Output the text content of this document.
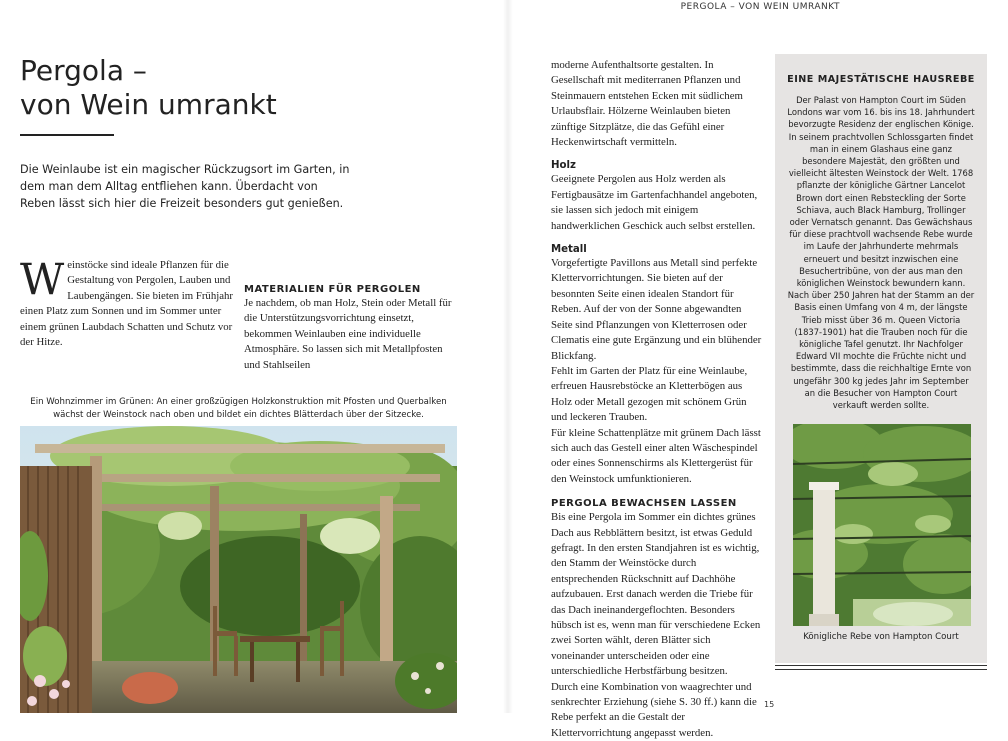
PERGOLA – VON WEIN UMRANKT
Pergola –
von Wein umrankt

Die Weinlaube ist ein magischer Rückzugsort im Garten, in dem man dem Alltag entfliehen kann. Überdacht von Reben lässt sich hier die Freizeit besonders gut genießen.

Weinstöcke sind ideale Pflanzen für die Gestaltung von Pergolen, Lauben und Laubengängen. Sie bieten im Frühjahr einen Platz zum Sonnen und im Sommer unter einem grünen Laubdach Schatten und Schutz vor der Hitze.

MATERIALIEN FÜR PERGOLEN

Je nachdem, ob man Holz, Stein oder Metall für die Unterstützungsvorrichtung einsetzt, bekommen Weinlauben eine individuelle Atmosphäre. So lassen sich mit Metallpfosten und Stahlseilen

Ein Wohnzimmer im Grünen: An einer großzügigen Holzkonstruktion mit Pfosten und Querbalken wächst der Weinstock nach oben und bildet ein dichtes Blätterdach über der Sitzecke.

moderne Aufenthaltsorte gestalten. In Gesellschaft mit mediterranen Pflanzen und Steinmauern entstehen Ecken mit südlichem Urlaubsflair. Hölzerne Weinlauben bieten zünftige Sitzplätze, die das Gefühl einer Heckenwirtschaft vermitteln.

Holz

Geeignete Pergolen aus Holz werden als Fertigbausätze im Gartenfachhandel angeboten, sie lassen sich jedoch mit einigem handwerklichen Geschick auch selbst erstellen.

Metall

Vorgefertigte Pavillons aus Metall sind perfekte Klettervorrichtungen. Sie bieten auf der besonnten Seite einen idealen Standort für Reben. Auf der von der Sonne abgewandten Seite sind Pflanzungen von Kletterrosen oder Clematis eine gute Ergänzung und ein blühender Blickfang.

Fehlt im Garten der Platz für eine Weinlaube, erfreuen Hausrebstöcke an Kletterbögen aus Holz oder Metall gezogen mit schönem Grün und leckeren Trauben.

Für kleine Schattenplätze mit grünem Dach lässt sich auch das Gestell einer alten Wäschespindel oder eines Sonnenschirms als Klettergerüst für den Weinstock umfunktionieren.

PERGOLA BEWACHSEN LASSEN

Bis eine Pergola im Sommer ein dichtes grünes Dach aus Rebblättern besitzt, ist etwas Geduld gefragt. In den ersten Standjahren ist es wichtig, den Stamm der Weinstöcke durch entsprechenden Rückschnitt auf Dachhöhe aufzubauen. Erst danach werden die Triebe für das Dach ineinandergeflochten. Besonders hübsch ist es, wenn man für verschiedene Ecken zwei Sorten wählt, deren Blätter sich voneinander unterscheiden oder eine unterschiedliche Herbstfärbung besitzen.

Durch eine Kombination von waagrechter und senkrechter Erziehung (siehe S. 30 ff.) kann die Rebe perfekt an die Gestalt der Klettervorrichtung angepasst werden.

EINE MAJESTÄTISCHE HAUSREBE

Der Palast von Hampton Court im Süden Londons war vom 16. bis ins 18. Jahrhundert bevorzugte Residenz der englischen Könige. In seinem prachtvollen Schlossgarten findet man in einem Glashaus eine ganz besondere Majestät, den größten und vielleicht ältesten Weinstock der Welt. 1768 pflanzte der königliche Gärtner Lancelot Brown dort einen Rebsteckling der Sorte Schiava, auch Black Hamburg, Trollinger oder Vernatsch genannt. Das Gewächshaus für diese prachtvoll wachsende Rebe wurde im Laufe der Jahrhunderte mehrmals erneuert und besitzt inzwischen eine Besuchertribüne, von der aus man den königlichen Weinstock bewundern kann. Nach über 250 Jahren hat der Stamm an der Basis einen Umfang von 4 m, der längste Trieb misst über 36 m. Queen Victoria (1837-1901) hat die Trauben noch für die königliche Tafel genutzt. Ihr Nachfolger Edward VII mochte die Früchte nicht und bestimmte, dass die reichhaltige Ernte von ungefähr 300 kg jedes Jahr im September an die Besucher von Hampton Court verkauft werden sollte.

Königliche Rebe von Hampton Court

15
